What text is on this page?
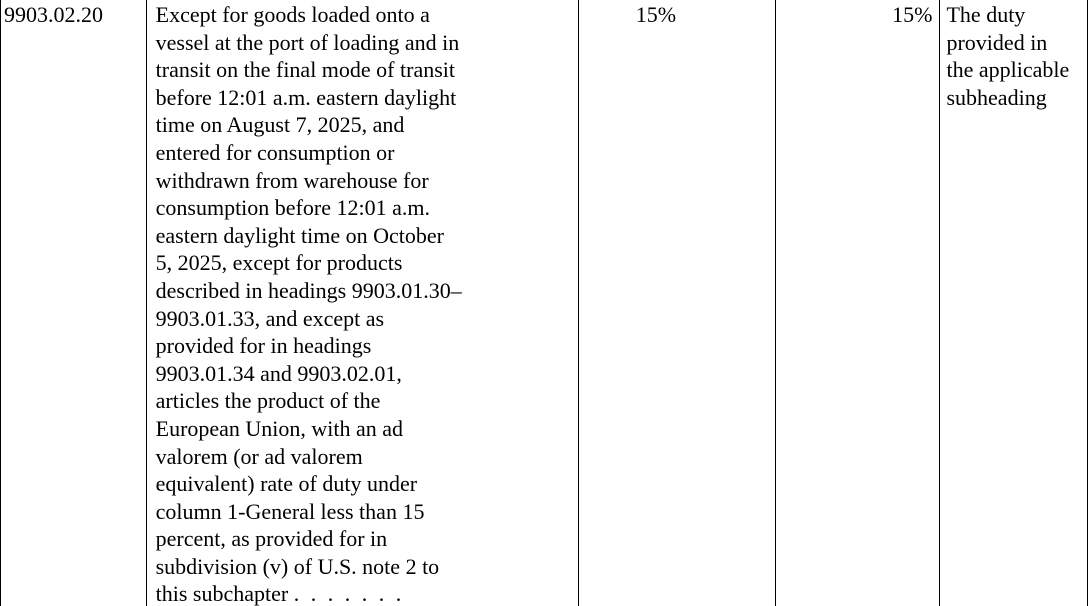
9903.02.20	Except for goods loaded onto a
vessel at the port of loading and in
transit on the final mode of transit
before 12:01 a.m. eastern daylight
time on August 7, 2025, and
entered for consumption or
withdrawn from warehouse for
consumption before 12:01 a.m.
eastern daylight time on October
5, 2025, except for products
described in headings 9903.01.30–
9903.01.33, and except as
provided for in headings
9903.01.34 and 9903.02.01,
articles the product of the
European Union, with an ad
valorem (or ad valorem
equivalent) rate of duty under
column 1-General less than 15
percent, as provided for in
subdivision (v) of U.S. note 2 to
this subchapter . . . . . . .	15%	15%	The duty
provided in
the applicable
subheading
